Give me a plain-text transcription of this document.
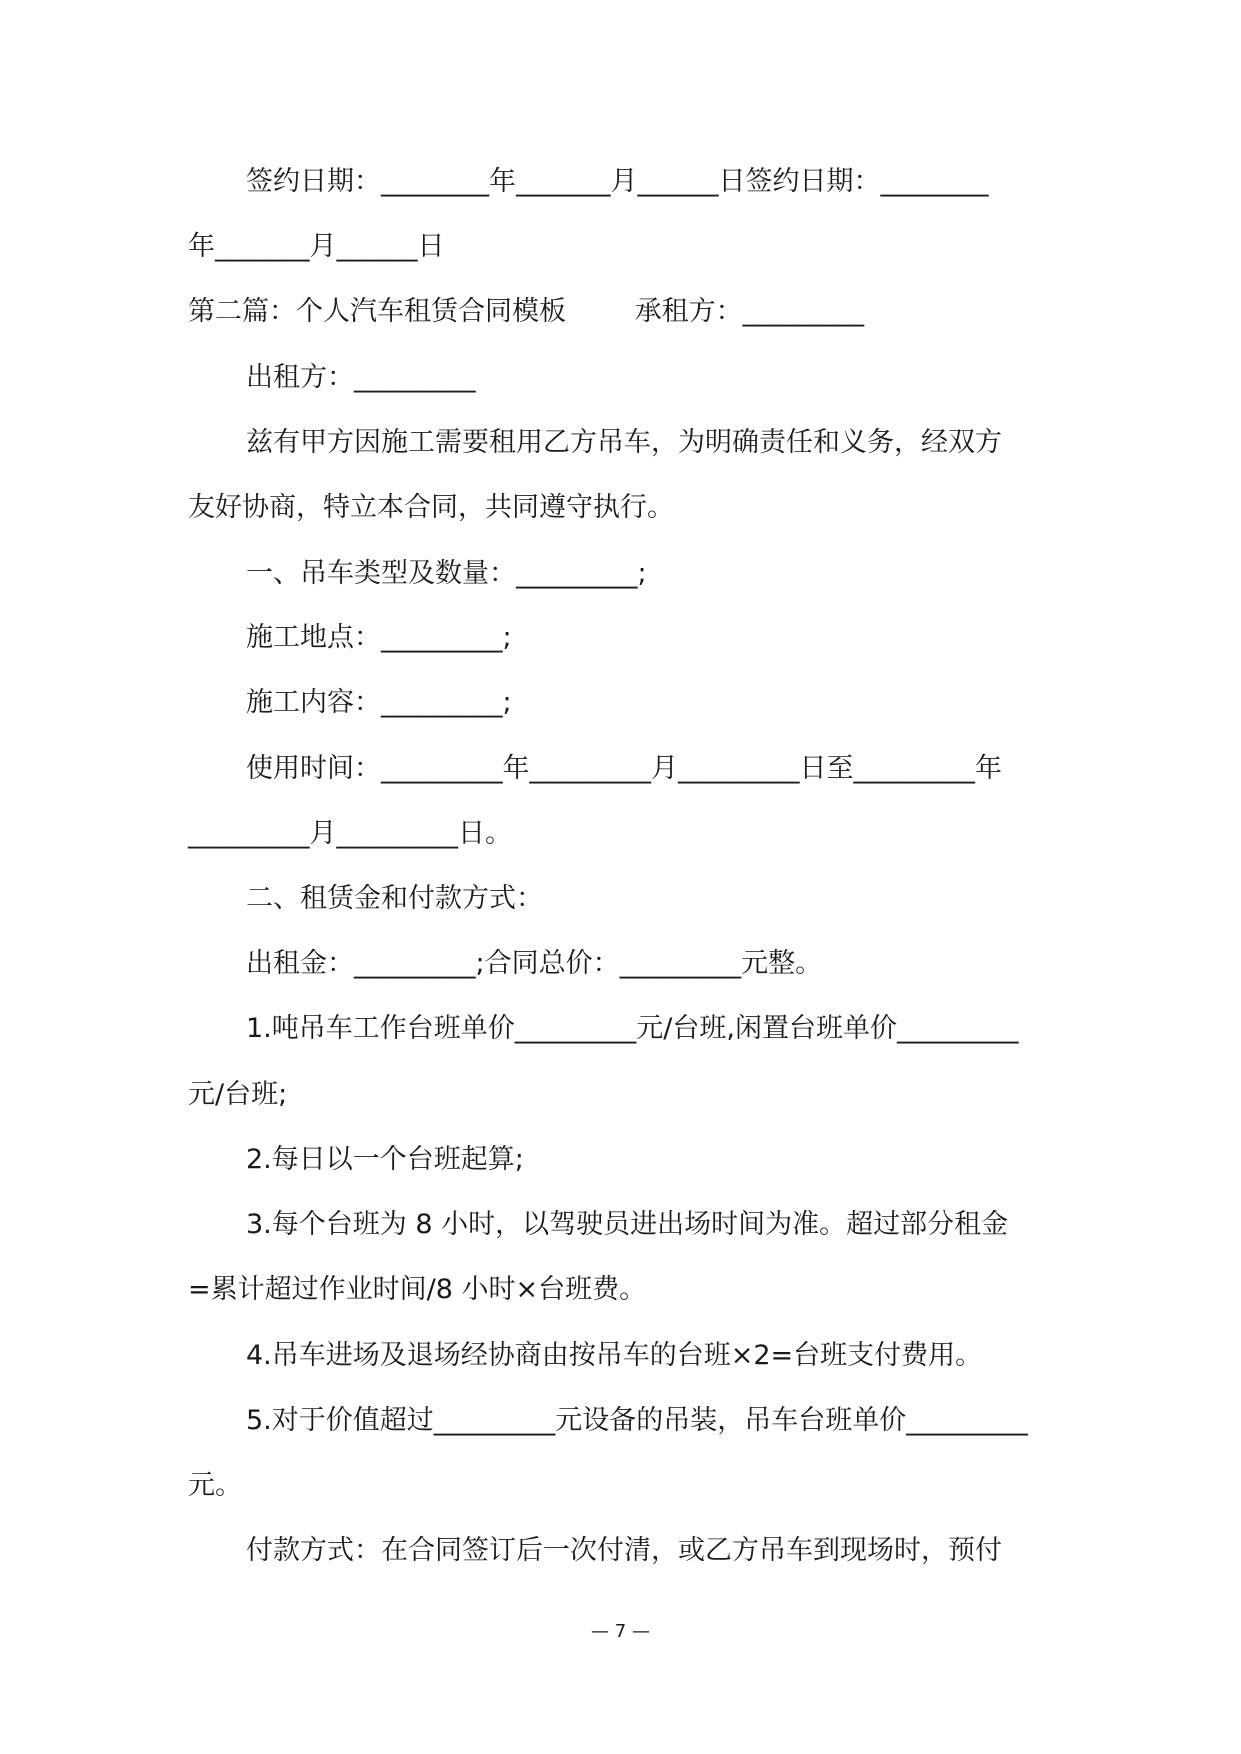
签约日期：________年_______月______日签约日期：________
年_______月______日
第二篇：个人汽车租赁合同模板        承租方：_________
出租方：_________
兹有甲方因施工需要租用乙方吊车，为明确责任和义务，经双方
友好协商，特立本合同，共同遵守执行。
一、吊车类型及数量：_________;
施工地点：_________;
施工内容：_________;
使用时间：_________年_________月_________日至_________年
_________月_________日。
二、租赁金和付款方式：
出租金：_________;合同总价：_________元整。
1.吨吊车工作台班单价_________元/台班,闲置台班单价_________
元/台班;
2.每日以一个台班起算;
3.每个台班为 8 小时，以驾驶员进出场时间为准。超过部分租金
=累计超过作业时间/8 小时×台班费。
4.吊车进场及退场经协商由按吊车的台班×2=台班支付费用。
5.对于价值超过_________元设备的吊装，吊车台班单价_________
元。
付款方式：在合同签订后一次付清，或乙方吊车到现场时，预付
— 7 —
